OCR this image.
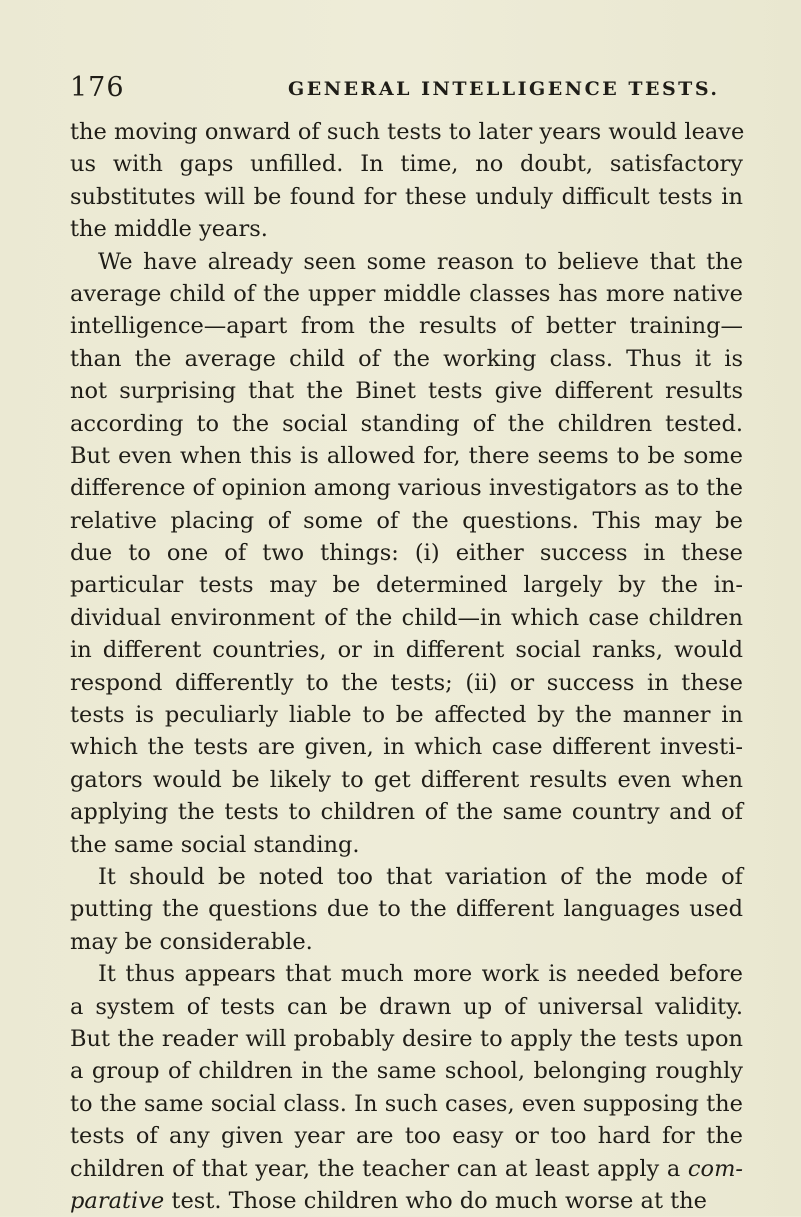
176	GENERAL INTELLIGENCE TESTS.
the moving onward of such tests to later years would leave
us with gaps unfilled. In time, no doubt, satisfactory
substitutes will be found for these unduly difficult tests in
the middle years.
We have already seen some reason to believe that the
average child of the upper middle classes has more native
intelligence—apart from the results of better training—
than the average child of the working class. Thus it is
not surprising that the Binet tests give different results
according to the social standing of the children tested.
But even when this is allowed for, there seems to be some
difference of opinion among various investigators as to the
relative placing of some of the questions. This may be
due to one of two things: (i) either success in these
particular tests may be determined largely by the in-
dividual environment of the child—in which case children
in different countries, or in different social ranks, would
respond differently to the tests; (ii) or success in these
tests is peculiarly liable to be affected by the manner in
which the tests are given, in which case different investi-
gators would be likely to get different results even when
applying the tests to children of the same country and of
the same social standing.
It should be noted too that variation of the mode of
putting the questions due to the different languages used
may be considerable.
It thus appears that much more work is needed before
a system of tests can be drawn up of universal validity.
But the reader will probably desire to apply the tests upon
a group of children in the same school, belonging roughly
to the same social class. In such cases, even supposing the
tests of any given year are too easy or too hard for the
children of that year, the teacher can at least apply a com-
parative test. Those children who do much worse at the
